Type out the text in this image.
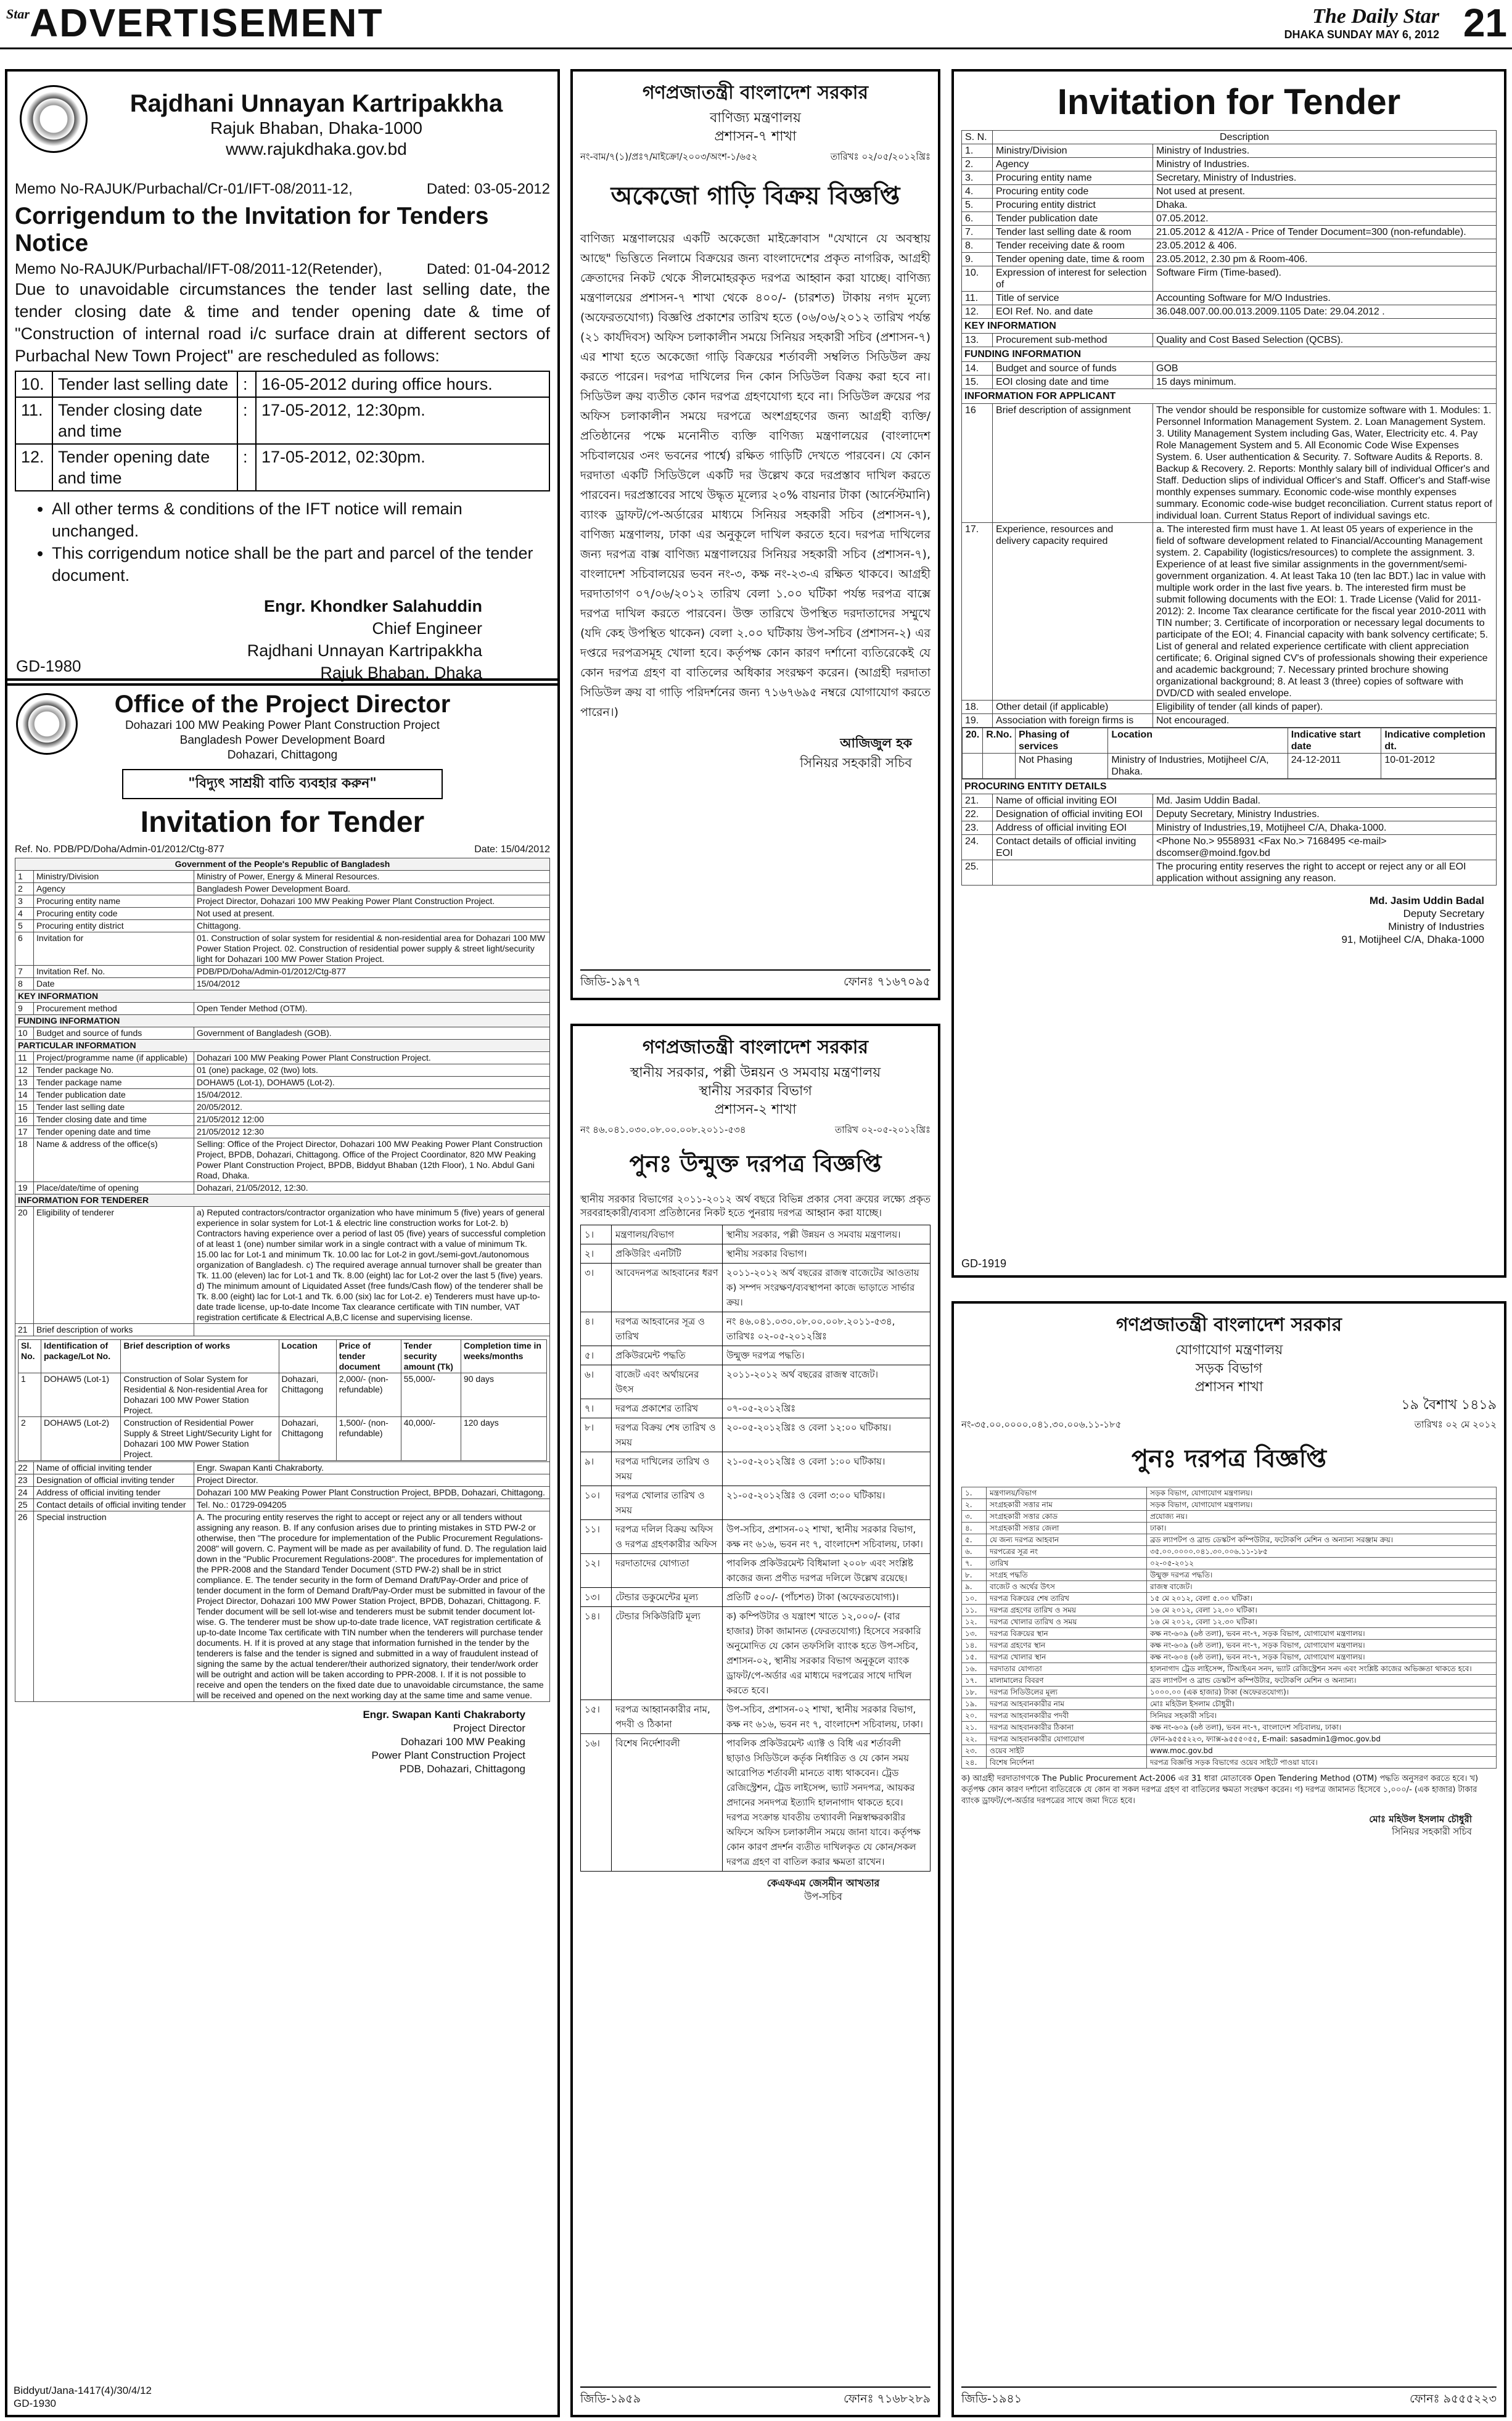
Star ADVERTISEMENT	The Daily Star
DHAKA SUNDAY MAY 6, 2012 21
Rajdhani Unnayan Kartripakkha
Rajuk Bhaban, Dhaka-1000
www.rajukdhaka.gov.bd
Memo No-RAJUK/Purbachal/Cr-01/IFT-08/2011-12,	Dated: 03-05-2012
Corrigendum to the Invitation for Tenders Notice
Memo No-RAJUK/Purbachal/IFT-08/2011-12(Retender),	Dated: 01-04-2012

Due to unavoidable circumstances the tender last selling date, the tender closing date & time and tender opening date & time of "Construction of internal road i/c surface drain at different sectors of Purbachal New Town Project" are rescheduled as follows:

10.	Tender last selling date	:	16-05-2012 during office hours.
11.	Tender closing date and time	:	17-05-2012, 12:30pm.
12.	Tender opening date and time	:	17-05-2012, 02:30pm.
• All other terms & conditions of the IFT notice will remain unchanged.
• This corrigendum notice shall be the part and parcel of the tender document.
Engr. Khondker Salahuddin
Chief Engineer
Rajdhani Unnayan Kartripakkha
Rajuk Bhaban, Dhaka
GD-1980
Office of the Project Director
Dohazari 100 MW Peaking Power Plant Construction Project
Bangladesh Power Development Board
Dohazari, Chittagong
"বিদ্যুৎ সাশ্রয়ী বাতি ব্যবহার করুন"
Invitation for Tender
Ref. No. PDB/PD/Doha/Admin-01/2012/Ctg-877	Date: 15/04/2012
Government of the People's Republic of Bangladesh
1	Ministry/Division	Ministry of Power, Energy & Mineral Resources.
2	Agency	Bangladesh Power Development Board.
3	Procuring entity name	Project Director, Dohazari 100 MW Peaking Power Plant Construction Project.
4	Procuring entity code	Not used at present.
5	Procuring entity district	Chittagong.
6	Invitation for	01. Construction of solar system for residential & non-residential area for Dohazari 100 MW Power Station Project. 02. Construction of residential power supply & street light/security light for Dohazari 100 MW Power Station Project.
7	Invitation Ref. No.	PDB/PD/Doha/Admin-01/2012/Ctg-877
8	Date	15/04/2012
KEY INFORMATION
9	Procurement method	Open Tender Method (OTM).
FUNDING INFORMATION
10	Budget and source of funds	Government of Bangladesh (GOB).
PARTICULAR INFORMATION
11	Project/programme name (if applicable)	Dohazari 100 MW Peaking Power Plant Construction Project.
12	Tender package No.	01 (one) package, 02 (two) lots.
13	Tender package name	DOHAW5 (Lot-1), DOHAW5 (Lot-2).
14	Tender publication date	15/04/2012.
15	Tender last selling date	20/05/2012.
16	Tender closing date and time	21/05/2012 12:00
17	Tender opening date and time	21/05/2012 12:30
18	Name & address of the office(s)	Selling: Office of the Project Director, Dohazari 100 MW Peaking Power Plant Construction Project, BPDB, Dohazari, Chittagong. Office of the Project Coordinator, 820 MW Peaking Power Plant Construction Project, BPDB, Biddyut Bhaban (12th Floor), 1 No. Abdul Gani Road, Dhaka.
19	Place/date/time of opening	Dohazari, 21/05/2012, 12:30.
INFORMATION FOR TENDERER
20	Eligibility of tenderer	a) Reputed contractors/contractor organization who have minimum 5 (five) years of general experience in solar system for Lot-1 & electric line construction works for Lot-2. b) Contractors having experience over a period of last 05 (five) years of successful completion of at least 1 (one) number similar work in a single contract with a value of minimum Tk. 15.00 lac for Lot-1 and minimum Tk. 10.00 lac for Lot-2 in govt./semi-govt./autonomous organization of Bangladesh. c) The required average annual turnover shall be greater than Tk. 11.00 (eleven) lac for Lot-1 and Tk. 8.00 (eight) lac for Lot-2 over the last 5 (five) years. d) The minimum amount of Liquidated Asset (free funds/Cash flow) of the tenderer shall be Tk. 8.00 (eight) lac for Lot-1 and Tk. 6.00 (six) lac for Lot-2. e) Tenderers must have up-to-date trade license, up-to-date Income Tax clearance certificate with TIN number, VAT registration certificate & Electrical A,B,C license and supervising license.
21	Brief description of works	

Sl. No.	Identification of package/Lot No.	Brief description of works	Location	Price of tender document	Tender security amount (Tk)	Completion time in weeks/months
1	DOHAW5 (Lot-1)	Construction of Solar System for Residential & Non-residential Area for Dohazari 100 MW Power Station Project.	Dohazari, Chittagong	2,000/- (non-refundable)	55,000/-	90 days
2	DOHAW5 (Lot-2)	Construction of Residential Power Supply & Street Light/Security Light for Dohazari 100 MW Power Station Project.	Dohazari, Chittagong	1,500/- (non-refundable)	40,000/-	120 days

22	Name of official inviting tender	Engr. Swapan Kanti Chakraborty.
23	Designation of official inviting tender	Project Director.
24	Address of official inviting tender	Dohazari 100 MW Peaking Power Plant Construction Project, BPDB, Dohazari, Chittagong.
25	Contact details of official inviting tender	Tel. No.: 01729-094205
26	Special instruction	A. The procuring entity reserves the right to accept or reject any or all tenders without assigning any reason. B. If any confusion arises due to printing mistakes in STD PW-2 or otherwise, then "The procedure for implementation of the Public Procurement Regulations-2008" will govern. C. Payment will be made as per availability of fund. D. The regulation laid down in the "Public Procurement Regulations-2008". The procedures for implementation of the PPR-2008 and the Standard Tender Document (STD PW-2) shall be in strict compliance. E. The tender security in the form of Demand Draft/Pay-Order and price of tender document in the form of Demand Draft/Pay-Order must be submitted in favour of the Project Director, Dohazari 100 MW Power Station Project, BPDB, Dohazari, Chittagong. F. Tender document will be sell lot-wise and tenderers must be submit tender document lot-wise. G. The tenderer must be show up-to-date trade licence, VAT registration certificate & up-to-date Income Tax certificate with TIN number when the tenderers will purchase tender documents. H. If it is proved at any stage that information furnished in the tender by the tenderers is false and the tender is signed and submitted in a way of fraudulent instead of signing the same by the actual tenderer/their authorized signatory, their tender/work order will be outright and action will be taken according to PPR-2008. I. If it is not possible to receive and open the tenders on the fixed date due to unavoidable circumstance, the same will be received and opened on the next working day at the same time and same venue.
Engr. Swapan Kanti Chakraborty
Project Director
Dohazari 100 MW Peaking
Power Plant Construction Project
PDB, Dohazari, Chittagong
Biddyut/Jana-1417(4)/30/4/12
GD-1930
গণপ্রজাতন্ত্রী বাংলাদেশ সরকার
বাণিজ্য মন্ত্রণালয়
প্রশাসন-৭ শাখা
নং-বাম/৭(১)/প্রঃ৭/মাইক্রো/২০০৩/অংশ-১/৬৫২	তারিখঃ ০২/০৫/২০১২খ্রিঃ
অকেজো গাড়ি বিক্রয় বিজ্ঞপ্তি

বাণিজ্য মন্ত্রণালয়ের একটি অকেজো মাইক্রোবাস "যেখানে যে অবস্থায় আছে" ভিত্তিতে নিলামে বিক্রয়ের জন্য বাংলাদেশের প্রকৃত নাগরিক, আগ্রহী ক্রেতাদের নিকট থেকে সীলমোহরকৃত দরপত্র আহ্বান করা যাচ্ছে। বাণিজ্য মন্ত্রণালয়ের প্রশাসন-৭ শাখা থেকে ৪০০/- (চারশত) টাকায় নগদ মূল্যে (অফেরতযোগ্য) বিজ্ঞপ্তি প্রকাশের তারিখ হতে (০৬/০৬/২০১২ তারিখ পর্যন্ত (২১ কার্যদিবস) অফিস চলাকালীন সময়ে সিনিয়র সহকারী সচিব (প্রশাসন-৭) এর শাখা হতে অকেজো গাড়ি বিক্রয়ের শর্তাবলী সম্বলিত সিডিউল ক্রয় করতে পারেন। দরপত্র দাখিলের দিন কোন সিডিউল বিক্রয় করা হবে না। সিডিউল ক্রয় ব্যতীত কোন দরপত্র গ্রহণযোগ্য হবে না। সিডিউল ক্রয়ের পর অফিস চলাকালীন সময়ে দরপত্রে অংশগ্রহণের জন্য আগ্রহী ব্যক্তি/প্রতিষ্ঠানের পক্ষে মনোনীত ব্যক্তি বাণিজ্য মন্ত্রণালয়ের (বাংলাদেশ সচিবালয়ের ৩নং ভবনের পার্শ্বে) রক্ষিত গাড়িটি দেখতে পারবেন। যে কোন দরদাতা একটি সিডিউলে একটি দর উল্লেখ করে দরপ্রস্তাব দাখিল করতে পারবেন। দরপ্রস্তাবের সাথে উদ্ধৃত মূল্যের ২০% বায়নার টাকা (আর্নেস্টমানি) ব্যাংক ড্রাফট/পে-অর্ডারের মাধ্যমে সিনিয়র সহকারী সচিব (প্রশাসন-৭), বাণিজ্য মন্ত্রণালয়, ঢাকা এর অনুকূলে দাখিল করতে হবে। দরপত্র দাখিলের জন্য দরপত্র বাক্স বাণিজ্য মন্ত্রণালয়ের সিনিয়র সহকারী সচিব (প্রশাসন-৭), বাংলাদেশ সচিবালয়ের ভবন নং-৩, কক্ষ নং-২৩-এ রক্ষিত থাকবে। আগ্রহী দরদাতাগণ ০৭/০৬/২০১২ তারিখ বেলা ১.০০ ঘটিকা পর্যন্ত দরপত্র বাক্সে দরপত্র দাখিল করতে পারবেন। উক্ত তারিখে উপস্থিত দরদাতাদের সম্মুখে (যদি কেহ উপস্থিত থাকেন) বেলা ২.০০ ঘটিকায় উপ-সচিব (প্রশাসন-২) এর দপ্তরে দরপত্রসমূহ খোলা হবে। কর্তৃপক্ষ কোন কারণ দর্শানো ব্যতিরেকেই যে কোন দরপত্র গ্রহণ বা বাতিলের অধিকার সংরক্ষণ করেন। (আগ্রহী দরদাতা সিডিউল ক্রয় বা গাড়ি পরিদর্শনের জন্য ৭১৬৭৬৯৫ নম্বরে যোগাযোগ করতে পারেন।)

আজিজুল হক
সিনিয়র সহকারী সচিব
জিডি-১৯৭৭	ফোনঃ ৭১৬৭০৯৫
গণপ্রজাতন্ত্রী বাংলাদেশ সরকার
স্থানীয় সরকার, পল্লী উন্নয়ন ও সমবায় মন্ত্রণালয়
স্থানীয় সরকার বিভাগ
প্রশাসন-২ শাখা
নং ৪৬.০৪১.০৩০.০৮.০০.০০৮.২০১১-৫৩৪	তারিখ ০২-০৫-২০১২খ্রিঃ
পুনঃ উন্মুক্ত দরপত্র বিজ্ঞপ্তি

স্থানীয় সরকার বিভাগের ২০১১-২০১২ অর্থ বছরে বিভিন্ন প্রকার সেবা ক্রয়ের লক্ষ্যে প্রকৃত সরবরাহকারী/ব্যবসা প্রতিষ্ঠানের নিকট হতে পুনরায় দরপত্র আহ্বান করা যাচ্ছে।

১।	মন্ত্রণালয়/বিভাগ	স্থানীয় সরকার, পল্লী উন্নয়ন ও সমবায় মন্ত্রণালয়।
২।	প্রকিউরিং এনটিটি	স্থানীয় সরকার বিভাগ।
৩।	আবেদনপত্র আহবানের ধরণ	২০১১-২০১২ অর্থ বছরের রাজস্ব বাজেটের আওতায় ক) সম্পদ সংরক্ষণ/ব্যবস্থাপনা কাজে ভাড়াতে সার্ভার ক্রয়।
৪।	দরপত্র আহবানের সূত্র ও তারিখ	নং ৪৬.০৪১.০৩০.০৮.০০.০০৮.২০১১-৫৩৪, তারিখঃ ০২-০৫-২০১২খ্রিঃ
৫।	প্রকিউরমেন্ট পদ্ধতি	উন্মুক্ত দরপত্র পদ্ধতি।
৬।	বাজেট এবং অর্থায়নের উৎস	২০১১-২০১২ অর্থ বছরের রাজস্ব বাজেট।
৭।	দরপত্র প্রকাশের তারিখ	০৭-০৫-২০১২খ্রিঃ
৮।	দরপত্র বিক্রয় শেষ তারিখ ও সময়	২০-০৫-২০১২খ্রিঃ ও বেলা ১২:০০ ঘটিকায়।
৯।	দরপত্র দাখিলের তারিখ ও সময়	২১-০৫-২০১২খ্রিঃ ও বেলা ১:০০ ঘটিকায়।
১০।	দরপত্র খোলার তারিখ ও সময়	২১-০৫-২০১২খ্রিঃ ও বেলা ৩:০০ ঘটিকায়।
১১।	দরপত্র দলিল বিক্রয় অফিস ও দরপত্র গ্রহণকারীর অফিস	উপ-সচিব, প্রশাসন-০২ শাখা, স্থানীয় সরকার বিভাগ, কক্ষ নং ৬১৬, ভবন নং ৭, বাংলাদেশ সচিবালয়, ঢাকা।
১২।	দরদাতাদের যোগ্যতা	পাবলিক প্রকিউরমেন্ট বিধিমালা ২০০৮ এবং সংশ্লিষ্ট কাজের জন্য প্রণীত দরপত্র দলিলে উল্লেখ রয়েছে।
১৩।	টেন্ডার ডকুমেন্টের মূল্য	প্রতিটি ৫০০/- (পাঁচশত) টাকা (অফেরতযোগ্য)।
১৪।	টেন্ডার সিকিউরিটি মূল্য	ক) কম্পিউটার ও যন্ত্রাংশ খাতে ১২,০০০/- (বার হাজার) টাকা জামানত (ফেরতযোগ্য) হিসেবে সরকারি অনুমোদিত যে কোন তফসিলি ব্যাংক হতে উপ-সচিব, প্রশাসন-০২, স্থানীয় সরকার বিভাগ অনুকূলে ব্যাংক ড্রাফট/পে-অর্ডার এর মাধ্যমে দরপত্রের সাথে দাখিল করতে হবে।
১৫।	দরপত্র আহ্বানকারীর নাম, পদবী ও ঠিকানা	উপ-সচিব, প্রশাসন-০২ শাখা, স্থানীয় সরকার বিভাগ, কক্ষ নং ৬১৬, ভবন নং ৭, বাংলাদেশ সচিবালয়, ঢাকা।
১৬।	বিশেষ নির্দেশাবলী	পাবলিক প্রকিউরমেন্ট এ্যাক্ট ও বিধি এর শর্তাবলী ছাড়াও সিডিউলে কর্তৃক নির্ধারিত ও যে কোন সময় আরোপিত শর্তাবলী মানতে বাধ্য থাকবেন। ট্রেড রেজিস্ট্রেশন, ট্রেড লাইসেন্স, ভ্যাট সনদপত্র, আয়কর প্রদানের সনদপত্র ইত্যাদি হালনাগাদ থাকতে হবে। দরপত্র সংক্রান্ত যাবতীয় তথ্যাবলী নিম্নস্বাক্ষরকারীর অফিসে অফিস চলাকালীন সময়ে জানা যাবে। কর্তৃপক্ষ কোন কারণ প্রদর্শন ব্যতীত দাখিলকৃত যে কোন/সকল দরপত্র গ্রহণ বা বাতিল করার ক্ষমতা রাখেন।
কেএফএম জেসমীন আখতার
উপ-সচিব
জিডি-১৯৫৯	ফোনঃ ৭১৬৮২৮৯
Invitation for Tender
S. N.	Description
1.	Ministry/Division	Ministry of Industries.
2.	Agency	Ministry of Industries.
3.	Procuring entity name	Secretary, Ministry of Industries.
4.	Procuring entity code	Not used at present.
5.	Procuring entity district	Dhaka.
6.	Tender publication date	07.05.2012.
7.	Tender last selling date & room	21.05.2012 & 412/A - Price of Tender Document=300 (non-refundable).
8.	Tender receiving date & room	23.05.2012 & 406.
9.	Tender opening date, time & room	23.05.2012, 2.30 pm & Room-406.
10.	Expression of interest for selection of	Software Firm (Time-based).
11.	Title of service	Accounting Software for M/O Industries.
12.	EOI Ref. No. and date	36.048.007.00.00.013.2009.1105 Date: 29.04.2012 .
KEY INFORMATION
13.	Procurement sub-method	Quality and Cost Based Selection (QCBS).
FUNDING INFORMATION
14.	Budget and source of funds	GOB
15.	EOI closing date and time	15 days minimum.
INFORMATION FOR APPLICANT
16	Brief description of assignment	The vendor should be responsible for customize software with 1. Modules: 1. Personnel Information Management System. 2. Loan Management System. 3. Utility Management System including Gas, Water, Electricity etc. 4. Pay Role Management System and 5. All Economic Code Wise Expenses System. 6. User authentication & Security. 7. Software Audits & Reports. 8. Backup & Recovery. 2. Reports: Monthly salary bill of individual Officer's and Staff. Deduction slips of individual Officer's and Staff. Officer's and Staff-wise monthly expenses summary. Economic code-wise monthly expenses summary. Economic code-wise budget reconciliation. Current status report of individual loan. Current Status Report of individual savings etc.
17.	Experience, resources and delivery capacity required	a. The interested firm must have 1. At least 05 years of experience in the field of software development related to Financial/Accounting Management system. 2. Capability (logistics/resources) to complete the assignment. 3. Experience of at least five similar assignments in the government/semi-government organization. 4. At least Taka 10 (ten lac BDT.) lac in value with multiple work order in the last five years. b. The interested firm must be submit following documents with the EOI: 1. Trade License (Valid for 2011-2012): 2. Income Tax clearance certificate for the fiscal year 2010-2011 with TIN number; 3. Certificate of incorporation or necessary legal documents to participate of the EOI; 4. Financial capacity with bank solvency certificate; 5. List of general and related experience certificate with client appreciation certificate; 6. Original signed CV's of professionals showing their experience and academic background; 7. Necessary printed brochure showing organizational background; 8. At least 3 (three) copies of software with DVD/CD with sealed envelope.
18.	Other detail (if applicable)	Eligibility of tender (all kinds of paper).
19.	Association with foreign firms is	Not encouraged.

20.	R.No.	Phasing of services	Location	Indicative start date	Indicative completion dt.
		Not Phasing	Ministry of Industries, Motijheel C/A, Dhaka.	24-12-2011	10-01-2012

PROCURING ENTITY DETAILS
21.	Name of official inviting EOI	Md. Jasim Uddin Badal.
22.	Designation of official inviting EOI	Deputy Secretary, Ministry Industries.
23.	Address of official inviting EOI	Ministry of Industries,19, Motijheel C/A, Dhaka-1000.
24.	Contact details of official inviting EOI	<Phone No.> 9558931 <Fax No.> 7168495 <e-mail> dscomser@moind.fgov.bd
25.		The procuring entity reserves the right to accept or reject any or all EOI application without assigning any reason.
Md. Jasim Uddin Badal
Deputy Secretary
Ministry of Industries
91, Motijheel C/A, Dhaka-1000
GD-1919
গণপ্রজাতন্ত্রী বাংলাদেশ সরকার
যোগাযোগ মন্ত্রণালয়
সড়ক বিভাগ
প্রশাসন শাখা
১৯ বৈশাখ ১৪১৯
নং-৩৫.০০.০০০০.০৪১.৩০.০০৬.১১-১৮৫	তারিখঃ ০২ মে ২০১২
পুনঃ দরপত্র বিজ্ঞপ্তি
১.	মন্ত্রণালয়/বিভাগ	সড়ক বিভাগ, যোগাযোগ মন্ত্রণালয়।
২.	সংগ্রহকারী সত্তার নাম	সড়ক বিভাগ, যোগাযোগ মন্ত্রণালয়।
৩.	সংগ্রহকারী সত্তার কোড	প্রযোজ্য নয়।
৪.	সংগ্রহকারী সত্তার জেলা	ঢাকা।
৫.	যে জন্য দরপত্র আহবান	ব্রড ল্যাপটপ ও ব্রান্ড ডেস্কটপ কম্পিউটার, ফটোকপি মেশিন ও অন্যান্য সরঞ্জাম ক্রয়।
৬.	দরপত্রের সূত্র নং	৩৫.০০.০০০০.০৪১.৩০.০০৬.১১-১৮৫
৭.	তারিখ	০২-০৫-২০১২
৮.	সংগ্রহ পদ্ধতি	উন্মুক্ত দরপত্র পদ্ধতি।
৯.	বাজেট ও অর্থের উৎস	রাজস্ব বাজেট।
১০.	দরপত্র বিক্রয়ের শেষ তারিখ	১৫ মে ২০১২, বেলা ৫.০০ ঘটিকা।
১১.	দরপত্র গ্রহণের তারিখ ও সময়	১৬ মে ২০১২, বেলা ১২.০০ ঘটিকা।
১২.	দরপত্র খোলার তারিখ ও সময়	১৬ মে ২০১২, বেলা ১২.৩০ ঘটিকা।
১৩.	দরপত্র বিক্রয়ের স্থান	কক্ষ নং-৬০৯ (৬ষ্ঠ তলা), ভবন নং-৭, সড়ক বিভাগ, যোগাযোগ মন্ত্রণালয়।
১৪.	দরপত্র গ্রহণের স্থান	কক্ষ নং-৬০৯ (৬ষ্ঠ তলা), ভবন নং-৭, সড়ক বিভাগ, যোগাযোগ মন্ত্রণালয়।
১৫.	দরপত্র খোলার স্থান	কক্ষ নং-৬০৪ (৬ষ্ঠ তলা), ভবন নং-৭, সড়ক বিভাগ, যোগাযোগ মন্ত্রণালয়।
১৬.	দরদাতার যোগ্যতা	হালনাগাদ ট্রেড লাইসেন্স, টিআইএন সনদ, ভ্যাট রেজিস্ট্রেশন সনদ এবং সংশ্লিষ্ট কাজের অভিজ্ঞতা থাকতে হবে।
১৭.	মালামালের বিবরণ	ব্রড ল্যাপটপ ও ব্রান্ড ডেস্কটপ কম্পিউটার, ফটোকপি মেশিন ও অন্যান্য।
১৮.	দরপত্র সিডিউলের মূল্য	১০০০.০০ (এক হাজার) টাকা (অফেরতযোগ্য)।
১৯.	দরপত্র আহবানকারীর নাম	মোঃ মহিউল ইসলাম চৌধুরী।
২০.	দরপত্র আহবানকারীর পদবী	সিনিয়র সহকারী সচিব।
২১.	দরপত্র আহবানকারীর ঠিকানা	কক্ষ নং-৬০৯ (৬ষ্ঠ তলা), ভবন নং-৭, বাংলাদেশ সচিবালয়, ঢাকা।
২২.	দরপত্র আহবানকারীর যোগাযোগ	ফোন-৯৫৫৫২২৩, ফ্যাক্স-৯৫৫৫০৫৫, E-mail: sasadmin1@moc.gov.bd
২৩.	ওয়েব সাইট	www.moc.gov.bd
২৪.	বিশেষ নির্দেশনা	দরপত্র বিজ্ঞপ্তি সড়ক বিভাগের ওয়েব সাইটে পাওয়া যাবে।
ক) আগ্রহী দরদাতাগণকে The Public Procurement Act-2006 এর 31 ধারা মোতাবেক Open Tendering Method (OTM) পদ্ধতি অনুসরণ করতে হবে। খ) কর্তৃপক্ষ কোন কারণ দর্শানো ব্যতিরেকে যে কোন বা সকল দরপত্র গ্রহণ বা বাতিলের ক্ষমতা সংরক্ষণ করেন। গ) দরপত্র জামানত হিসেবে ১,০০০/- (এক হাজার) টাকার ব্যাংক ড্রাফট/পে-অর্ডার দরপত্রের সাথে জমা দিতে হবে।
মোঃ মহিউল ইসলাম চৌধুরী
সিনিয়র সহকারী সচিব
জিডি-১৯৪১	ফোনঃ ৯৫৫৫২২৩
